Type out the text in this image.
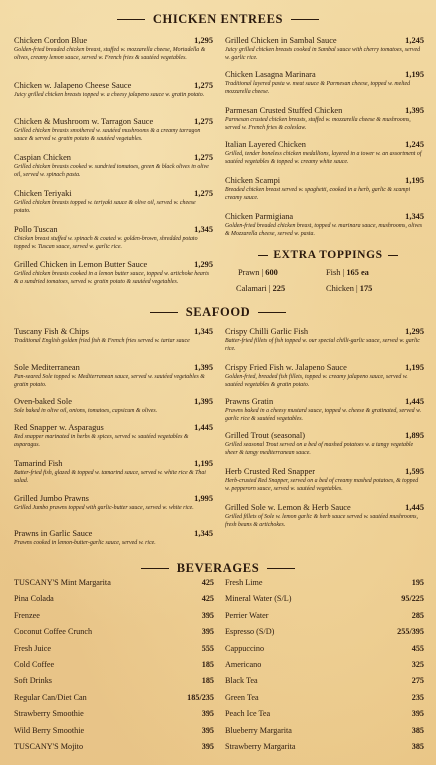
CHICKEN ENTREES
Chicken Cordon Blue	1,295
Golden-fried breaded chicken breast, stuffed w. mozzarella cheese, Mortadella & olives, creamy lemon sauce, served w. French fries & sautéed vegetables.
Chicken w. Jalapeno Cheese Sauce	1,275
Juicy grilled chicken breasts topped w. a cheesy jalapeno sauce w. gratin potato.
Chicken & Mushroom w. Tarragon Sauce	1,275
Grilled chicken breasts smothered w. sautéed mushrooms & a creamy tarragon sauce & served w. gratin potato & sautéed vegetables.
Caspian Chicken	1,275
Grilled chicken breasts cooked w. sundried tomatoes, green & black olives in olive oil, served w. spinach pasta.
Chicken Teriyaki	1,275
Grilled chicken breasts topped w. teriyaki sauce & olive oil, served w. cheese potato.
Pollo Tuscan	1,345
Chicken breast stuffed w. spinach & coated w. golden-brown, shredded potato topped w. Tuscan sauce, served w. garlic rice.
Grilled Chicken in Lemon Butter Sauce	1,295
Grilled chicken breasts cooked in a lemon butter sauce, topped w. artichoke hearts & a sundried tomatoes, served w. gratin potato & sautéed vegetables.
Grilled Chicken in Sambal Sauce	1,245
Juicy grilled chicken breasts cooked in Sambal sauce with cherry tomatoes, served w. garlic rice.
Chicken Lasagna Marinara	1,195
Traditional layered pasta w. meat sauce & Parmesan cheese, topped w. melted mozzarella cheese.
Parmesan Crusted Stuffed Chicken	1,395
Parmesan crusted chicken breasts, stuffed w. mozzarella cheese & mushrooms, served w. French fries & coleslaw.
Italian Layered Chicken	1,245
Grilled, tender boneless chicken medallions, layered in a tower w. an assortment of sautéed vegetables & topped w. creamy white sauce.
Chicken Scampi	1,195
Breaded chicken breast served w. spaghetti, cooked in a herb, garlic & scampi creamy sauce.
Chicken Parmigiana	1,345
Golden-fried breaded chicken breast, topped w. marinara sauce, mushrooms, olives & Mozzarella cheese, served w. pasta.
EXTRA TOPPINGS
Prawn | 600	Fish | 165 ea
Calamari | 225	Chicken | 175
SEAFOOD
Tuscany Fish & Chips	1,345
Traditional English golden fried fish & French fries served w. tartar sauce
Sole Mediterranean	1,395
Pan-seared Sole topped w. Mediterranean sauce, served w. sautéed vegetables & gratin potato.
Oven-baked Sole	1,395
Sole baked in olive oil, onions, tomatoes, capsicum & olives.
Red Snapper w. Asparagus	1,445
Red snapper marinated in herbs & spices, served w. sautéed vegetables & asparagus.
Tamarind Fish	1,195
Batter-fried fish, glazed & topped w. tamarind sauce, served w. white rice & Thai salad.
Grilled Jumbo Prawns	1,995
Grilled Jumbo prawns topped with garlic-butter sauce, served w. white rice.
Prawns in Garlic Sauce	1,345
Prawns cooked in lemon-butter-garlic sauce, served w. rice.
Crispy Chilli Garlic Fish	1,295
Batter-fried fillets of fish topped w. our special chilli-garlic sauce, served w. garlic rice.
Crispy Fried Fish w. Jalapeno Sauce	1,195
Golden-fried, breaded fish fillets, topped w. creamy jalapeno sauce, served w. sautéed vegetables & gratin potato.
Prawns Gratin	1,445
Prawns baked in a cheesy mustard sauce, topped w. cheese & gratinated, served w. garlic rice & sautéed vegetables.
Grilled Trout (seasonal)	1,895
Grilled seasonal Trout served on a bed of mashed potatoes w. a tangy vegetable sheer & tangy mediterranean sauce.
Herb Crusted Red Snapper	1,595
Herb-crusted Red Snapper, served on a bed of creamy mashed potatoes, & topped w. pepperorn sauce, served w. sautéed vegetables.
Grilled Sole w. Lemon & Herb Sauce	1,445
Grilled fillets of Sole w. lemon garlic & herb sauce served w. sautéed mushrooms, fresh beans & artichokes.
BEVERAGES
TUSCANY'S Mint Margarita	425
Pina Colada	425
Frenzee	395
Coconut Coffee Crunch	395
Fresh Juice	555
Cold Coffee	185
Soft Drinks	185
Regular Can/Diet Can	185/235
Strawberry Smoothie	395
Wild Berry Smoothie	395
TUSCANY'S Mojito	395
Fresh Lime	195
Mineral Water (S/L)	95/225
Perrier Water	285
Espresso (S/D)	255/395
Cappuccino	455
Americano	325
Black Tea	275
Green Tea	235
Peach Ice Tea	395
Blueberry Margarita	385
Strawberry Margarita	385
